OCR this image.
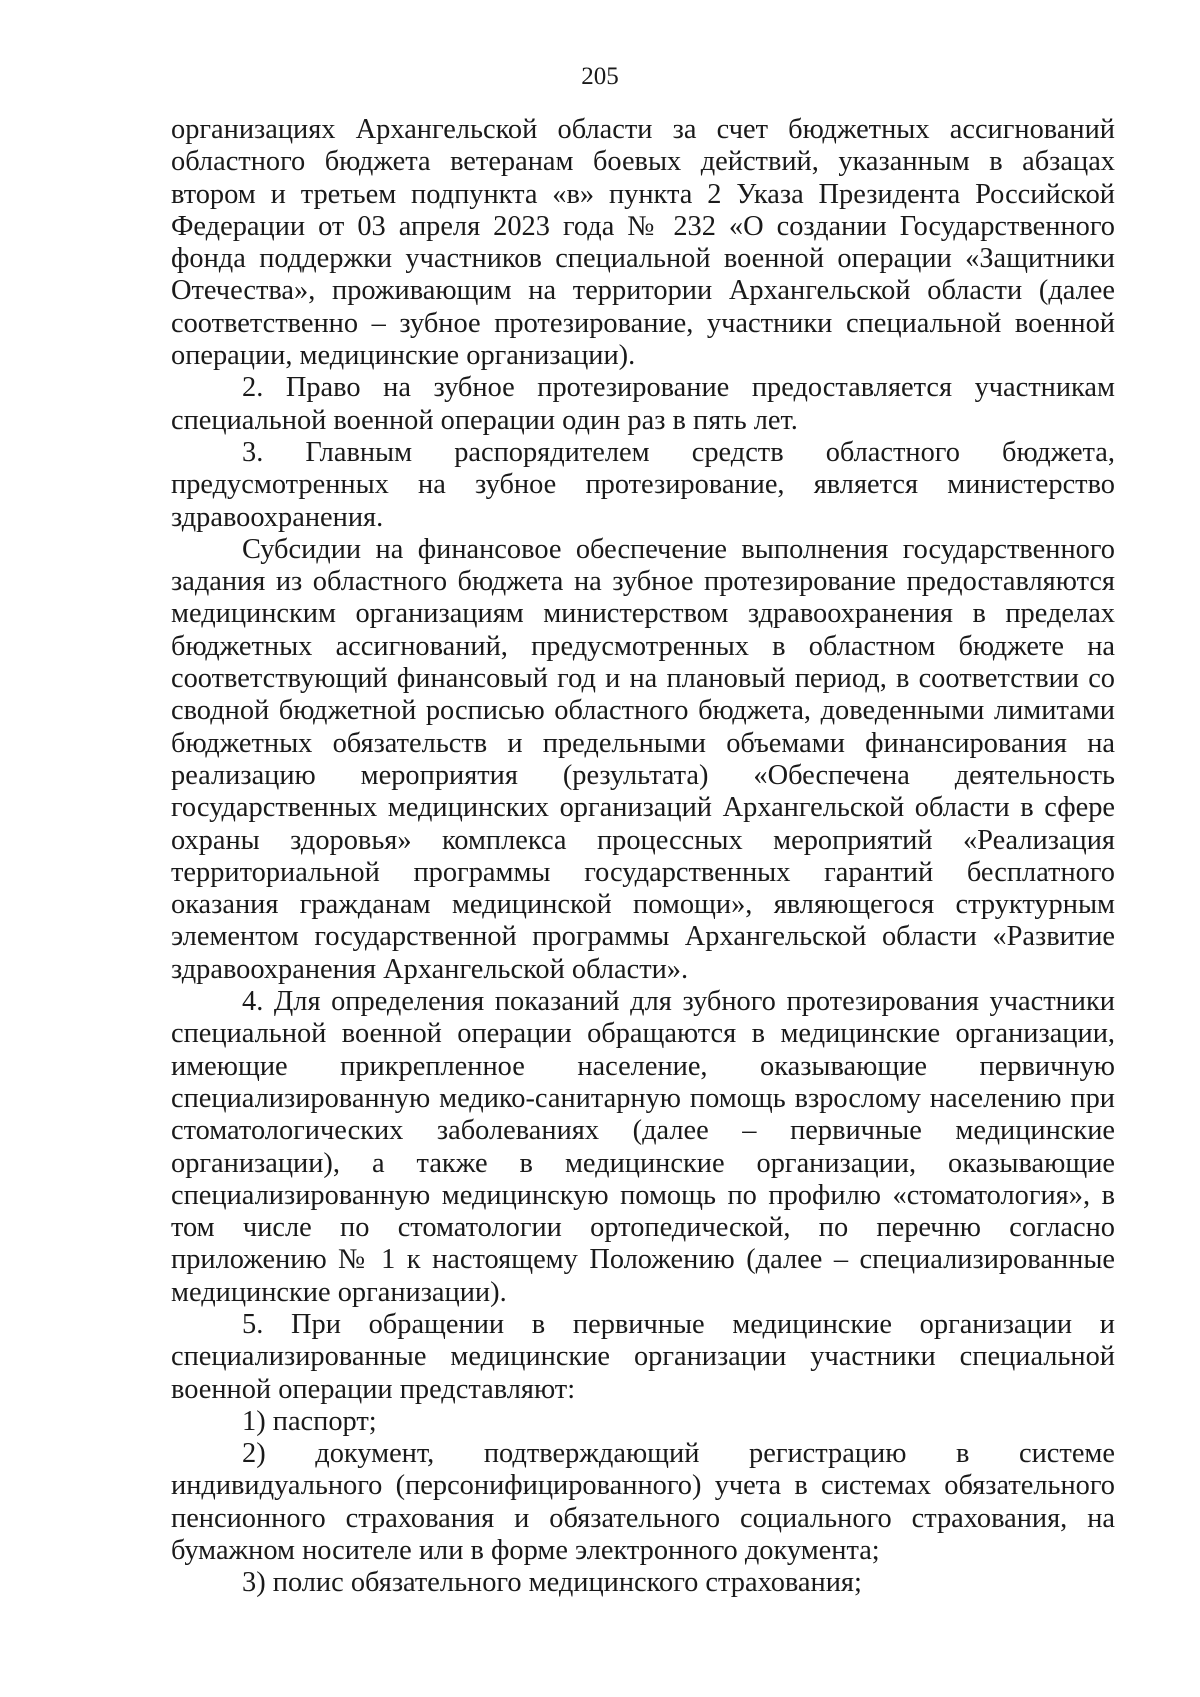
205

организациях Архангельской области за счет бюджетных ассигнований областного бюджета ветеранам боевых действий, указанным в абзацах втором и третьем подпункта «в» пункта 2 Указа Президента Российской Федерации от 03 апреля 2023 года № 232 «О создании Государственного фонда поддержки участников специальной военной операции «Защитники Отечества», проживающим на территории Архангельской области (далее соответственно – зубное протезирование, участники специальной военной операции, медицинские организации).

2. Право на зубное протезирование предоставляется участникам специальной военной операции один раз в пять лет.

3. Главным распорядителем средств областного бюджета, предусмотренных на зубное протезирование, является министерство здравоохранения.

Субсидии на финансовое обеспечение выполнения государственного задания из областного бюджета на зубное протезирование предоставляются медицинским организациям министерством здравоохранения в пределах бюджетных ассигнований, предусмотренных в областном бюджете на соответствующий финансовый год и на плановый период, в соответствии со сводной бюджетной росписью областного бюджета, доведенными лимитами бюджетных обязательств и предельными объемами финансирования на реализацию мероприятия (результата) «Обеспечена деятельность государственных медицинских организаций Архангельской области в сфере охраны здоровья» комплекса процессных мероприятий «Реализация территориальной программы государственных гарантий бесплатного оказания гражданам медицинской помощи», являющегося структурным элементом государственной программы Архангельской области «Развитие здравоохранения Архангельской области».

4. Для определения показаний для зубного протезирования участники специальной военной операции обращаются в медицинские организации, имеющие прикрепленное население, оказывающие первичную специализированную медико-санитарную помощь взрослому населению при стоматологических заболеваниях (далее – первичные медицинские организации), а также в медицинские организации, оказывающие специализированную медицинскую помощь по профилю «стоматология», в том числе по стоматологии ортопедической, по перечню согласно приложению № 1 к настоящему Положению (далее – специализированные медицинские организации).

5. При обращении в первичные медицинские организации и специализированные медицинские организации участники специальной военной операции представляют:

1) паспорт;

2) документ, подтверждающий регистрацию в системе индивидуального (персонифицированного) учета в системах обязательного пенсионного страхования и обязательного социального страхования, на бумажном носителе или в форме электронного документа;

3) полис обязательного медицинского страхования;
